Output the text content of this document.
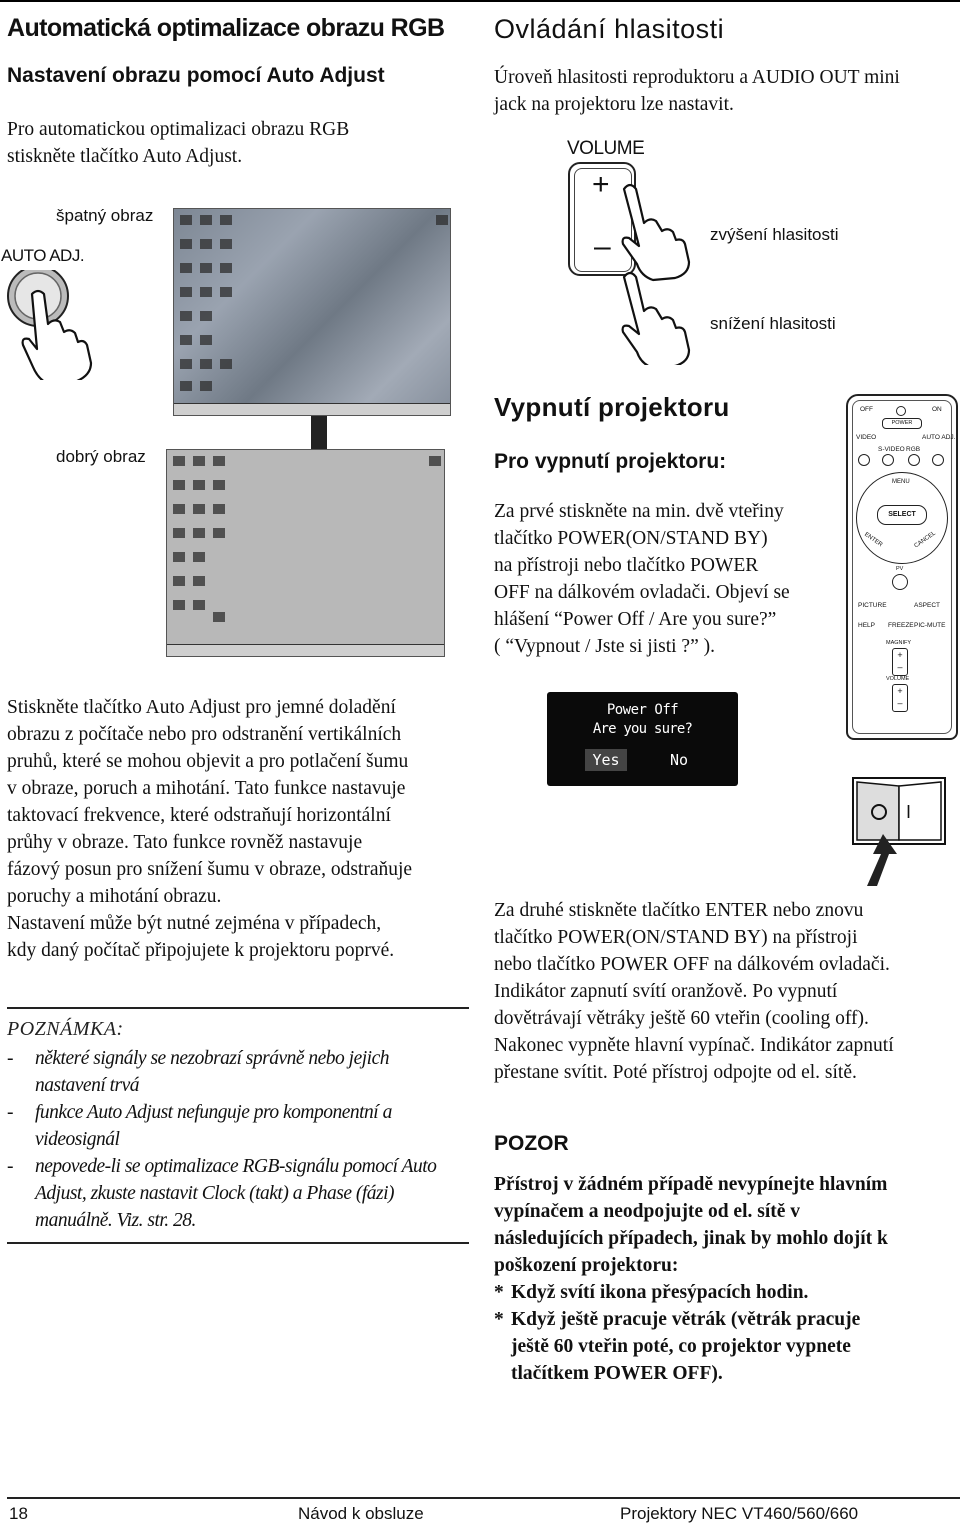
Automatická optimalizace obrazu RGB
Nastavení obrazu pomocí Auto Adjust
Pro automatickou optimalizaci obrazu RGB
stiskněte tlačítko Auto Adjust.
špatný obraz
AUTO ADJ.
dobrý obraz
Stiskněte tlačítko Auto Adjust pro jemné doladění
obrazu z počítače nebo pro odstranění vertikálních
pruhů, které se mohou objevit a pro potlačení šumu
v obraze, poruch a mihotání. Tato funkce nastavuje
taktovací frekvence, které odstraňují horizontální
průhy v obraze. Tato funkce rovněž nastavuje
fázový posun pro snížení šumu v obraze, odstraňuje
poruchy a mihotání obrazu.
Nastavení může být nutné zejména v případech,
kdy daný počítač připojujete k projektoru poprvé.
POZNÁMKA:
- některé signály se nezobrazí správně nebo jejich
nastavení trvá
- funkce Auto Adjust nefunguje pro komponentní a
videosignál
- nepovede-li se optimalizace RGB-signálu pomocí Auto
Adjust, zkuste nastavit Clock (takt) a Phase (fázi)
manuálně. Viz. str. 28.
Ovládání hlasitosti
Úroveň hlasitosti reproduktoru a AUDIO OUT mini
jack na projektoru lze nastavit.
VOLUME
+
–	zvýšení hlasitosti
snížení hlasitosti
Vypnutí projektoru
Pro vypnutí projektoru:
Za prvé stiskněte na min. dvě vteřiny
tlačítko POWER(ON/STAND BY)
na přístroji nebo tlačítko POWER
OFF na dálkovém ovladači. Objeví se
hlášení “Power Off / Are you sure?”
( “Vypnout / Jste si jisti ?” ).
OFF	ON
POWER
VIDEO	AUTO ADJ.
S-VIDEO RGB
MENU
SELECT
ENTER	CANCEL
PV
PICTURE	ASPECT
HELP FREEZE PIC-MUTE
MAGNIFY
+
–
VOLUME
+
–
Power Off
Are you sure?
Yes	No
I
Za druhé stiskněte tlačítko ENTER nebo znovu
tlačítko POWER(ON/STAND BY) na přístroji
nebo tlačítko POWER OFF na dálkovém ovladači.
Indikátor zapnutí svítí oranžově. Po vypnutí
dovětrávají větráky ještě 60 vteřin (cooling off).
Nakonec vypněte hlavní vypínač. Indikátor zapnutí
přestane svítit. Poté přístroj odpojte od el. sítě.
POZOR
Přístroj v žádném případě nevypínejte hlavním
vypínačem a neodpojujte od el. sítě v
následujících případech, jinak by mohlo dojít k
poškození projektoru:
* Když svítí ikona přesýpacích hodin.
* Když ještě pracuje větrák (větrák pracuje
ještě 60 vteřin poté, co projektor vypnete
tlačítkem POWER OFF).
18	Návod k obsluze	Projektory NEC VT460/560/660
